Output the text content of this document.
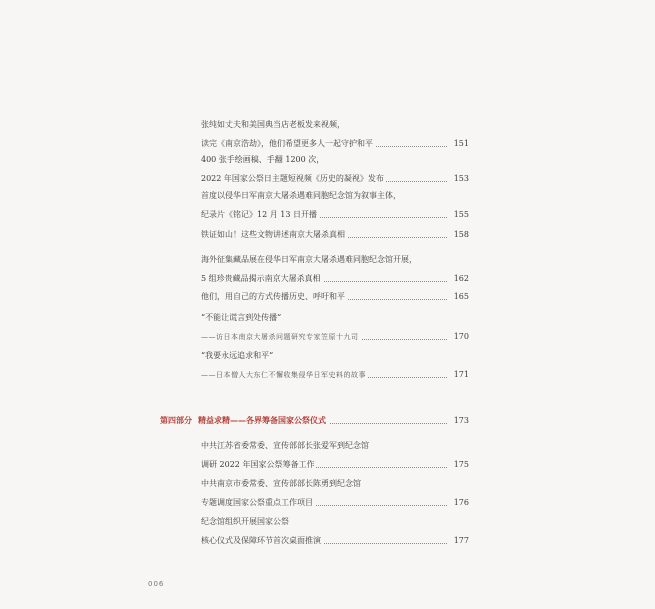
张纯如丈夫和美国典当店老板发来视频，
读完《南京浩劫》，他们希望更多人一起守护和平	151
400 张手绘画稿、手翻 1200 次，
2022 年国家公祭日主题短视频《历史的凝视》发布	153
首度以侵华日军南京大屠杀遇难同胞纪念馆为叙事主体，
纪录片《铭记》12 月 13 日开播	155
铁证如山！这些文物讲述南京大屠杀真相	158
海外征集藏品展在侵华日军南京大屠杀遇难同胞纪念馆开展，
5 组珍贵藏品揭示南京大屠杀真相	162
他们，用自己的方式传播历史、呼吁和平	165
“不能让谎言到处传播”
——访日本南京大屠杀问题研究专家笠原十九司	170
“我要永远追求和平”
——日本僧人大东仁不懈收集侵华日军史料的故事	171
第四部分 精益求精——各界筹备国家公祭仪式	173
中共江苏省委常委、宣传部部长张爱军到纪念馆
调研 2022 年国家公祭筹备工作	175
中共南京市委常委、宣传部部长陈勇到纪念馆
专题调度国家公祭重点工作项目	176
纪念馆组织开展国家公祭
核心仪式及保障环节首次桌面推演	177
006
